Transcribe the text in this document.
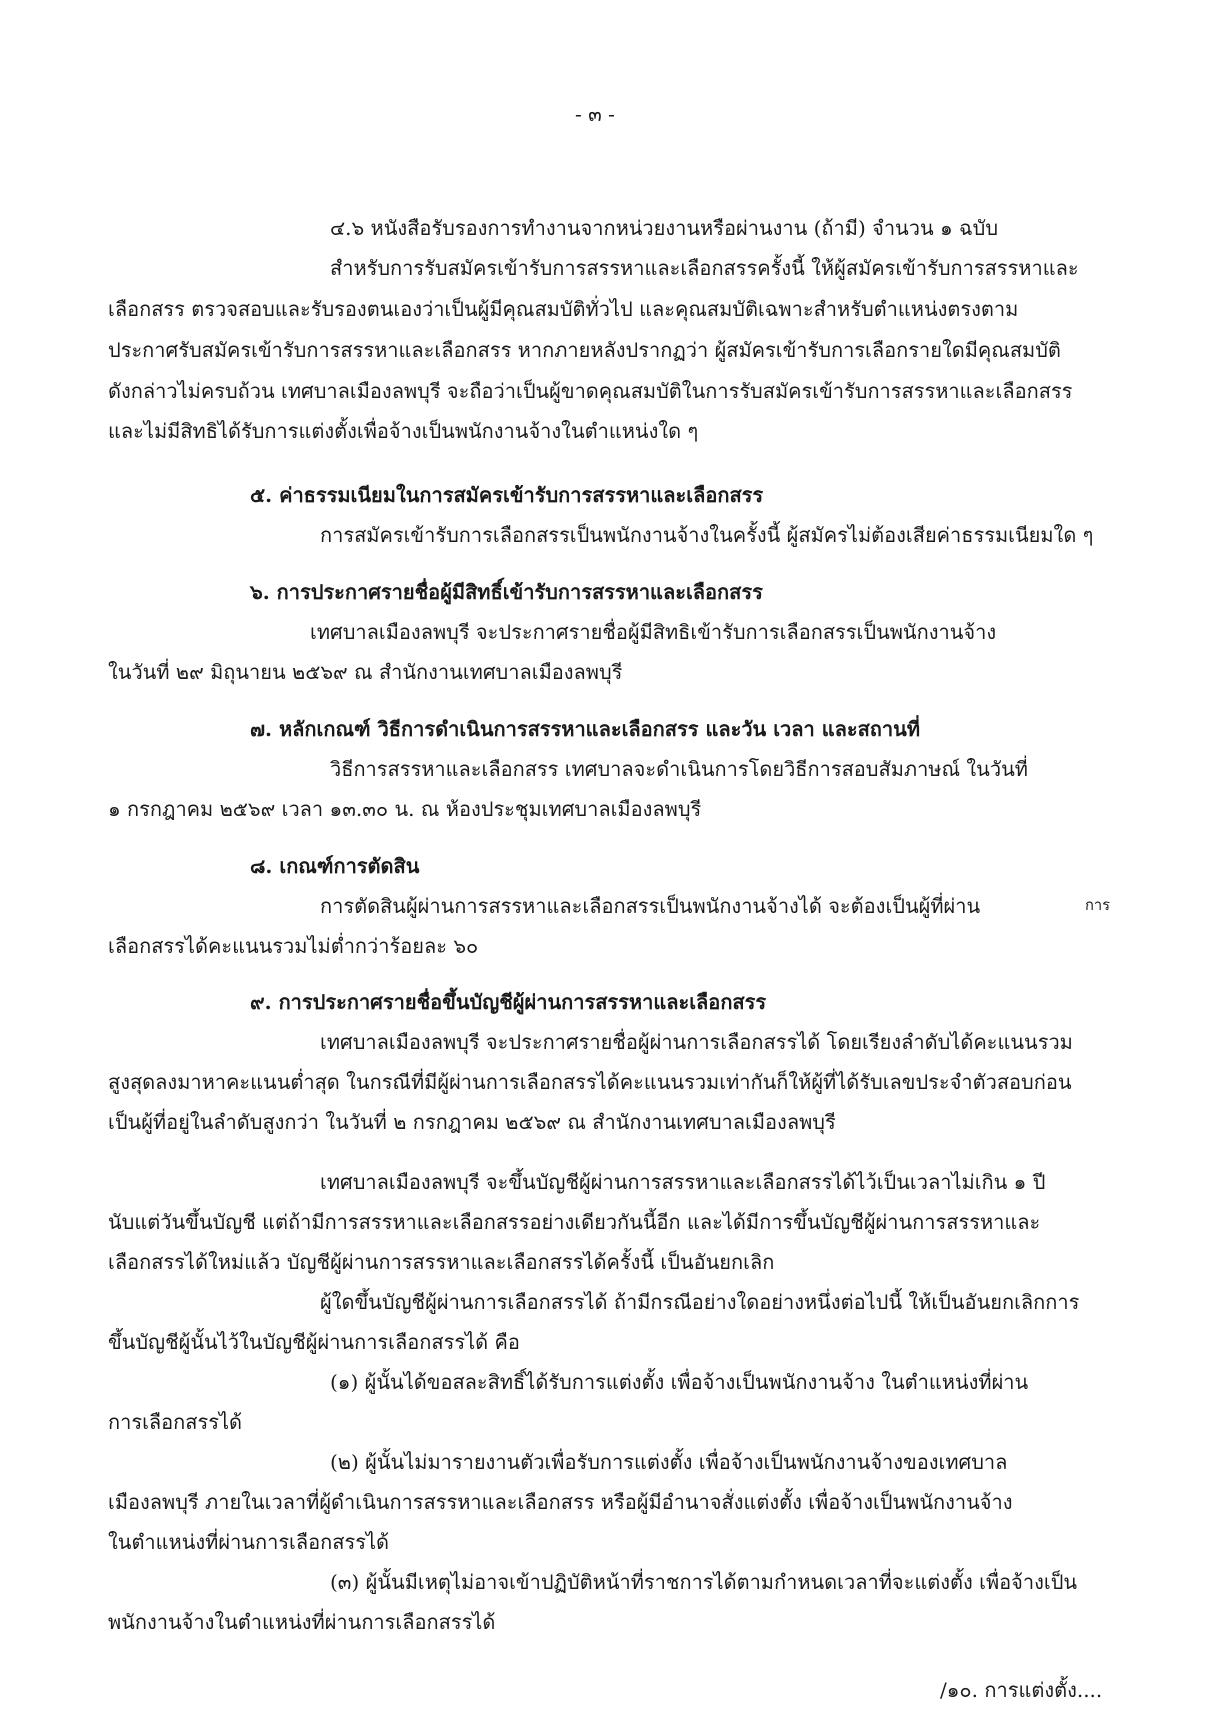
- ๓ -
๔.๖ หนังสือรับรองการทำงานจากหน่วยงานหรือผ่านงาน (ถ้ามี) จำนวน ๑ ฉบับ
สำหรับการรับสมัครเข้ารับการสรรหาและเลือกสรรครั้งนี้ ให้ผู้สมัครเข้ารับการสรรหาและ
เลือกสรร ตรวจสอบและรับรองตนเองว่าเป็นผู้มีคุณสมบัติทั่วไป และคุณสมบัติเฉพาะสำหรับตำแหน่งตรงตาม
ประกาศรับสมัครเข้ารับการสรรหาและเลือกสรร หากภายหลังปรากฏว่า ผู้สมัครเข้ารับการเลือกรายใดมีคุณสมบัติ
ดังกล่าวไม่ครบถ้วน เทศบาลเมืองลพบุรี จะถือว่าเป็นผู้ขาดคุณสมบัติในการรับสมัครเข้ารับการสรรหาและเลือกสรร
และไม่มีสิทธิได้รับการแต่งตั้งเพื่อจ้างเป็นพนักงานจ้างในตำแหน่งใด ๆ
๕. ค่าธรรมเนียมในการสมัครเข้ารับการสรรหาและเลือกสรร
การสมัครเข้ารับการเลือกสรรเป็นพนักงานจ้างในครั้งนี้ ผู้สมัครไม่ต้องเสียค่าธรรมเนียมใด ๆ
๖. การประกาศรายชื่อผู้มีสิทธิ์เข้ารับการสรรหาและเลือกสรร
เทศบาลเมืองลพบุรี จะประกาศรายชื่อผู้มีสิทธิเข้ารับการเลือกสรรเป็นพนักงานจ้าง
ในวันที่ ๒๙ มิถุนายน ๒๕๖๙ ณ สำนักงานเทศบาลเมืองลพบุรี
๗. หลักเกณฑ์ วิธีการดำเนินการสรรหาและเลือกสรร และวัน เวลา และสถานที่
วิธีการสรรหาและเลือกสรร เทศบาลจะดำเนินการโดยวิธีการสอบสัมภาษณ์ ในวันที่
๑ กรกฎาคม ๒๕๖๙ เวลา ๑๓.๓๐ น. ณ ห้องประชุมเทศบาลเมืองลพบุรี
๘. เกณฑ์การตัดสิน
การตัดสินผู้ผ่านการสรรหาและเลือกสรรเป็นพนักงานจ้างได้ จะต้องเป็นผู้ที่ผ่าน	การ
เลือกสรรได้คะแนนรวมไม่ต่ำกว่าร้อยละ ๖๐
๙. การประกาศรายชื่อขึ้นบัญชีผู้ผ่านการสรรหาและเลือกสรร
เทศบาลเมืองลพบุรี จะประกาศรายชื่อผู้ผ่านการเลือกสรรได้ โดยเรียงลำดับได้คะแนนรวม
สูงสุดลงมาหาคะแนนต่ำสุด ในกรณีที่มีผู้ผ่านการเลือกสรรได้คะแนนรวมเท่ากันก็ให้ผู้ที่ได้รับเลขประจำตัวสอบก่อน
เป็นผู้ที่อยู่ในลำดับสูงกว่า ในวันที่ ๒ กรกฎาคม ๒๕๖๙ ณ สำนักงานเทศบาลเมืองลพบุรี
เทศบาลเมืองลพบุรี จะขึ้นบัญชีผู้ผ่านการสรรหาและเลือกสรรได้ไว้เป็นเวลาไม่เกิน ๑ ปี
นับแต่วันขึ้นบัญชี แต่ถ้ามีการสรรหาและเลือกสรรอย่างเดียวกันนี้อีก และได้มีการขึ้นบัญชีผู้ผ่านการสรรหาและ
เลือกสรรได้ใหม่แล้ว บัญชีผู้ผ่านการสรรหาและเลือกสรรได้ครั้งนี้ เป็นอันยกเลิก
ผู้ใดขึ้นบัญชีผู้ผ่านการเลือกสรรได้ ถ้ามีกรณีอย่างใดอย่างหนึ่งต่อไปนี้ ให้เป็นอันยกเลิกการ
ขึ้นบัญชีผู้นั้นไว้ในบัญชีผู้ผ่านการเลือกสรรได้ คือ
(๑) ผู้นั้นได้ขอสละสิทธิ์ได้รับการแต่งตั้ง เพื่อจ้างเป็นพนักงานจ้าง ในตำแหน่งที่ผ่าน
การเลือกสรรได้
(๒) ผู้นั้นไม่มารายงานตัวเพื่อรับการแต่งตั้ง เพื่อจ้างเป็นพนักงานจ้างของเทศบาล
เมืองลพบุรี ภายในเวลาที่ผู้ดำเนินการสรรหาและเลือกสรร หรือผู้มีอำนาจสั่งแต่งตั้ง เพื่อจ้างเป็นพนักงานจ้าง
ในตำแหน่งที่ผ่านการเลือกสรรได้
(๓) ผู้นั้นมีเหตุไม่อาจเข้าปฏิบัติหน้าที่ราชการได้ตามกำหนดเวลาที่จะแต่งตั้ง เพื่อจ้างเป็น
พนักงานจ้างในตำแหน่งที่ผ่านการเลือกสรรได้
/๑๐. การแต่งตั้ง....
